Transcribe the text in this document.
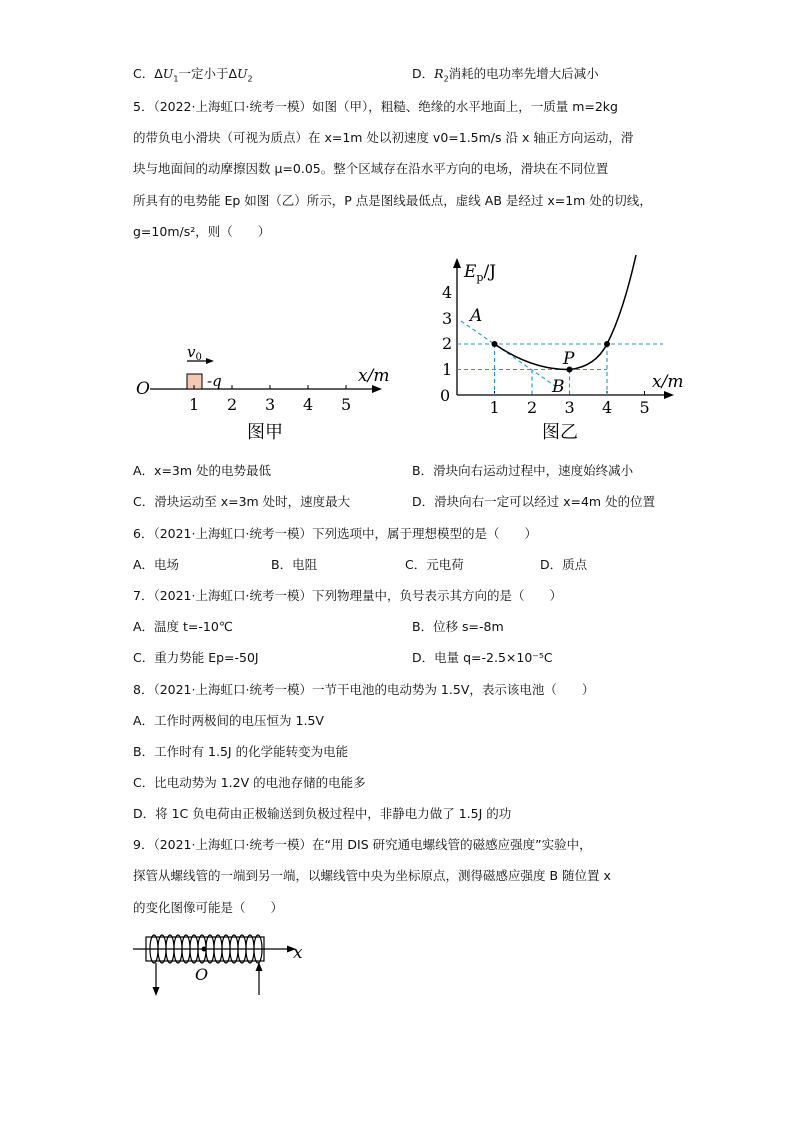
C．$\Delta U_1$一定小于$\Delta U_2$	D．$R_2$消耗的电功率先增大后减小
5．（2022·上海虹口·统考一模）如图（甲），粗糙、绝缘的水平地面上，一质量 m=2kg
的带负电小滑块（可视为质点）在 x=1m 处以初速度 v0=1.5m/s 沿 x 轴正方向运动，滑
块与地面间的动摩擦因数 μ=0.05。整个区域存在沿水平方向的电场，滑块在不同位置
所具有的电势能 Ep 如图（乙）所示，P 点是图线最低点，虚线 AB 是经过 x=1m 处的切线，
g=10m/s²，则（　　）
O
x/m
$v_0$
-q
1 2 3 4 5
图甲
$E_p/J$
x/m
0
1
2
3
4
1 2 3 4 5
A
B
P
图乙
A．x=3m 处的电势最低	B．滑块向右运动过程中，速度始终减小
C．滑块运动至 x=3m 处时，速度最大	D．滑块向右一定可以经过 x=4m 处的位置
6．（2021·上海虹口·统考一模）下列选项中，属于理想模型的是（　　）
A．电场	B．电阻	C．元电荷	D．质点
7．（2021·上海虹口·统考一模）下列物理量中，负号表示其方向的是（　　）
A．温度 t=-10℃	B．位移 s=-8m
C．重力势能 Ep=-50J	D．电量 q=-2.5×10⁻⁵C
8．（2021·上海虹口·统考一模）一节干电池的电动势为 1.5V，表示该电池（　　）
A．工作时两极间的电压恒为 1.5V
B．工作时有 1.5J 的化学能转变为电能
C．比电动势为 1.2V 的电池存储的电能多
D．将 1C 负电荷由正极输送到负极过程中，非静电力做了 1.5J 的功
9．（2021·上海虹口·统考一模）在“用 DIS 研究通电螺线管的磁感应强度”实验中，
探管从螺线管的一端到另一端，以螺线管中央为坐标原点，测得磁感应强度 B 随位置 x
的变化图像可能是（　　）
x
O
